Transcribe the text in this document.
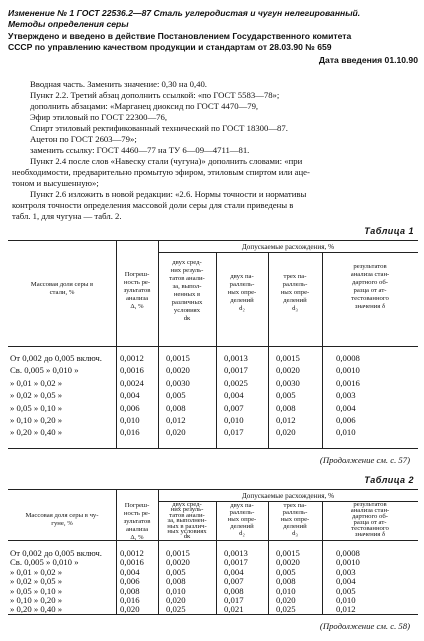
Изменение № 1 ГОСТ 22536.2—87 Сталь углеродистая и чугун нелегированный.
Методы определения серы
Утверждено и введено в действие Постановлением Государственного комитета
СССР по управлению качеством продукции и стандартам от 28.03.90 № 659
Дата введения 01.10.90
Вводная часть. Заменить значение: 0,30 на 0,40.
Пункт 2.2. Третий абзац дополнить ссылкой: «по ГОСТ 5583—78»;
дополнить абзацами: «Марганец диоксид по ГОСТ 4470—79,
Эфир этиловый по ГОСТ 22300—76,
Спирт этиловый ректификованный технический по ГОСТ 18300—87.
Ацетон по ГОСТ 2603—79»;
заменить ссылку: ГОСТ 4460—77 на ТУ 6—09—4711—81.
Пункт 2.4 после слов «Навеску стали (чугуна)» дополнить словами: «при
необходимости, предварительно промытую эфиром, этиловым спиртом или аце-
тоном и высушенную»;
Пункт 2.6 изложить в новой редакции: «2.6. Нормы точности и нормативы
контроля точности определения массовой доли серы для стали приведены в
табл. 1, для чугуна — табл. 2.
Таблица 1
Допускаемые расхождения, %
Массовая доля серы в
стали, %
Погреш-
ность ре-
зультатов
анализа
Δ, %
двух сред-
них резуль-
татов анали-
за, выпол-
ненных в
различных
условиях
dк
двух па-
раллель-
ных опре-
делений
d₂
трех па-
раллель-
ных опре-
делений
d₃
результатов
анализа стан-
дартного об-
разца от ат-
тестованного
значения δ
От 0,002 до 0,005 включ.	0,0012	0,0015	0,0013	0,0015	0,0008
Св. 0,005 » 0,010 »	0,0016	0,0020	0,0017	0,0020	0,0010
» 0,01 » 0,02 »	0,0024	0,0030	0,0025	0,0030	0,0016
» 0,02 » 0,05 »	0,004	0,005	0,004	0,005	0,003
» 0,05 » 0,10 »	0,006	0,008	0,007	0,008	0,004
» 0,10 » 0,20 »	0,010	0,012	0,010	0,012	0,006
» 0,20 » 0,40 »	0,016	0,020	0,017	0,020	0,010
(Продолжение см. с. 57)
Таблица 2
Допускаемые расхождения, %
Массовая доля серы в чу-
гуне, %
Погреш-
ность ре-
зультатов
анализа
Δ, %
двух сред-
них резуль-
татов анали-
за, выполнен-
ных в различ-
ных условиях
dк
двух па-
раллель-
ных опре-
делений
d₂
трех па-
раллель-
ных опре-
делений
d₃
результатов
анализа стан-
дартного об-
разца от ат-
тестованного
значения δ
От 0,002 до 0,005 включ.	0,0012	0,0015	0,0013	0,0015	0,0008
Св. 0,005 » 0,010 »	0,0016	0,0020	0,0017	0,0020	0,0010
» 0,01 » 0,02 »	0,004	0,005	0,004	0,005	0,003
» 0,02 » 0,05 »	0,006	0,008	0,007	0,008	0,004
» 0,05 » 0,10 »	0,008	0,010	0,008	0,010	0,005
» 0,10 » 0,20 »	0,016	0,020	0,017	0,020	0,010
» 0,20 » 0,40 »	0,020	0,025	0,021	0,025	0,012
(Продолжение см. с. 58)
